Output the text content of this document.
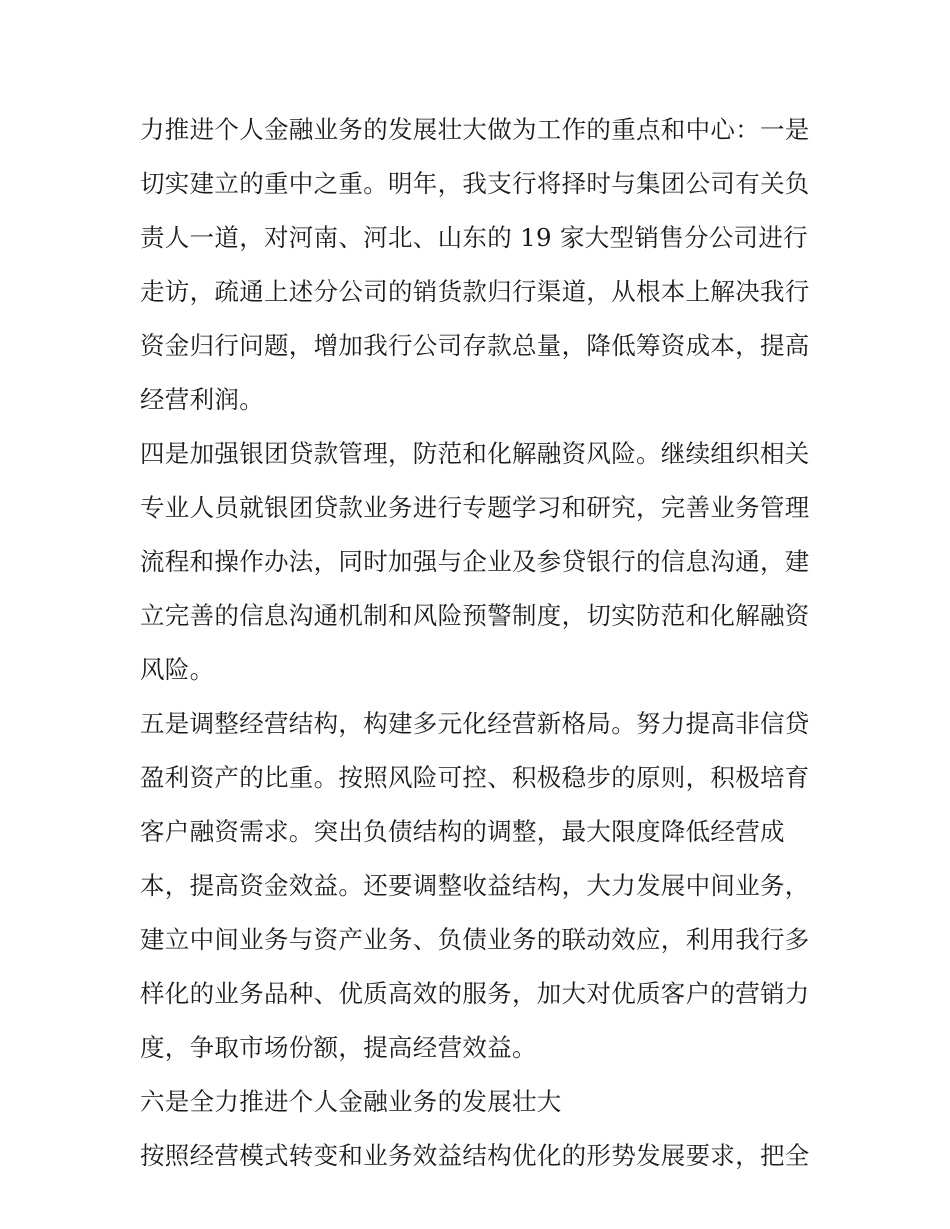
力推进个人金融业务的发展壮大做为工作的重点和中心：一是
切实建立的重中之重。明年，我支行将择时与集团公司有关负
责人一道，对河南、河北、山东的 19 家大型销售分公司进行
走访，疏通上述分公司的销货款归行渠道，从根本上解决我行
资金归行问题，增加我行公司存款总量，降低筹资成本，提高
经营利润。
四是加强银团贷款管理，防范和化解融资风险。继续组织相关
专业人员就银团贷款业务进行专题学习和研究，完善业务管理
流程和操作办法，同时加强与企业及参贷银行的信息沟通，建
立完善的信息沟通机制和风险预警制度，切实防范和化解融资
风险。
五是调整经营结构，构建多元化经营新格局。努力提高非信贷
盈利资产的比重。按照风险可控、积极稳步的原则，积极培育
客户融资需求。突出负债结构的调整，最大限度降低经营成
本，提高资金效益。还要调整收益结构，大力发展中间业务，
建立中间业务与资产业务、负债业务的联动效应，利用我行多
样化的业务品种、优质高效的服务，加大对优质客户的营销力
度，争取市场份额，提高经营效益。
六是全力推进个人金融业务的发展壮大
按照经营模式转变和业务效益结构优化的形势发展要求，把全
